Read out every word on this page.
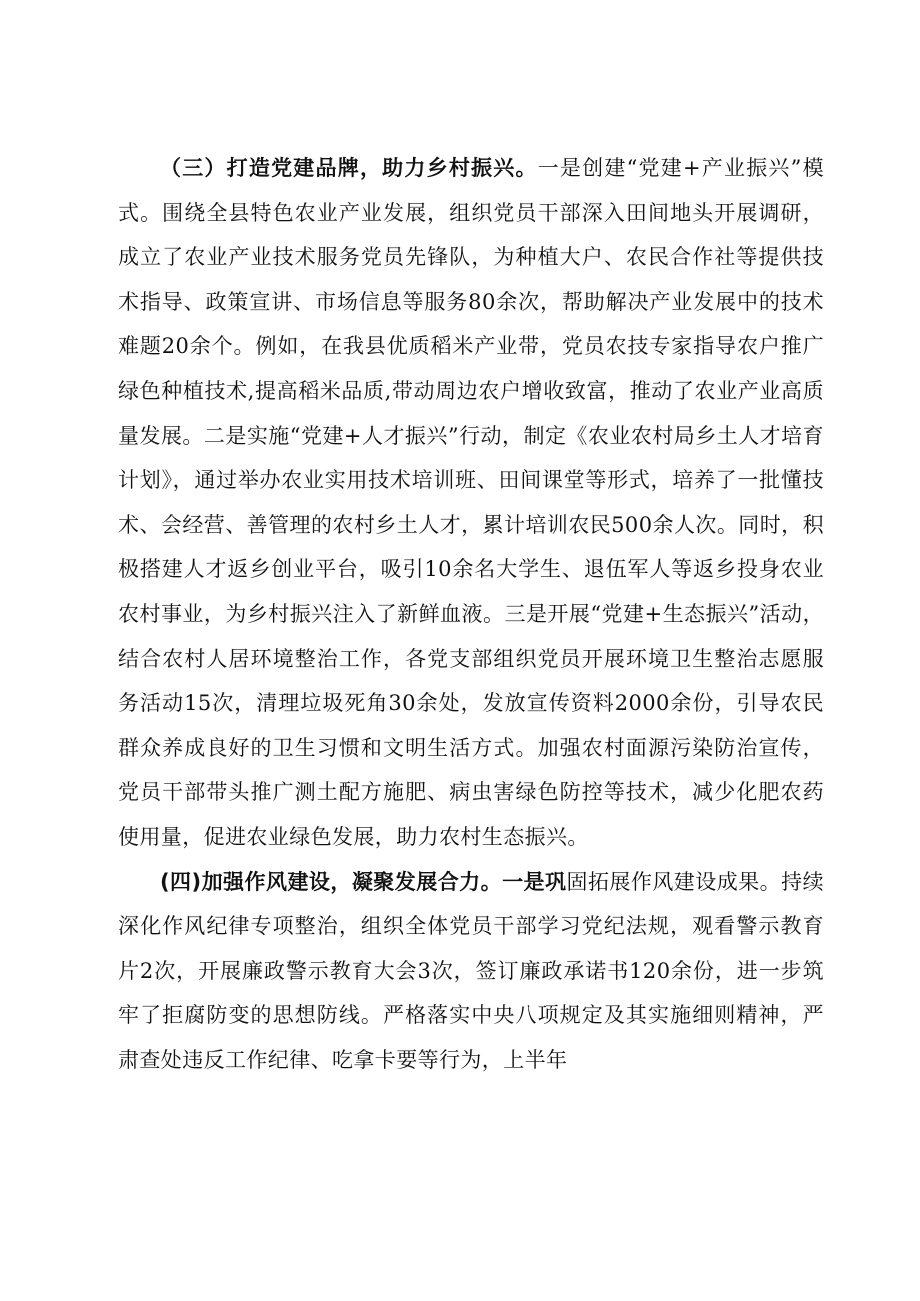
（三）打造党建品牌，助力乡村振兴。一是创建“党建+产业振兴”模式。围绕全县特色农业产业发展，组织党员干部深入田间地头开展调研，成立了农业产业技术服务党员先锋队，为种植大户、农民合作社等提供技术指导、政策宣讲、市场信息等服务80余次，帮助解决产业发展中的技术难题20余个。例如，在我县优质稻米产业带，党员农技专家指导农户推广绿色种植技术,提高稻米品质,带动周边农户增收致富，推动了农业产业高质量发展。二是实施“党建+人才振兴”行动，制定《农业农村局乡土人才培育计划》，通过举办农业实用技术培训班、田间课堂等形式，培养了一批懂技术、会经营、善管理的农村乡土人才，累计培训农民500余人次。同时，积极搭建人才返乡创业平台，吸引10余名大学生、退伍军人等返乡投身农业农村事业，为乡村振兴注入了新鲜血液。三是开展“党建+生态振兴”活动，结合农村人居环境整治工作，各党支部组织党员开展环境卫生整治志愿服务活动15次，清理垃圾死角30余处，发放宣传资料2000余份，引导农民群众养成良好的卫生习惯和文明生活方式。加强农村面源污染防治宣传，党员干部带头推广测土配方施肥、病虫害绿色防控等技术，减少化肥农药使用量，促进农业绿色发展，助力农村生态振兴。

(四)加强作风建设，凝聚发展合力。一是巩固拓展作风建设成果。持续深化作风纪律专项整治，组织全体党员干部学习党纪法规，观看警示教育片2次，开展廉政警示教育大会3次，签订廉政承诺书120余份，进一步筑牢了拒腐防变的思想防线。严格落实中央八项规定及其实施细则精神，严肃查处违反工作纪律、吃拿卡要等行为，上半年
